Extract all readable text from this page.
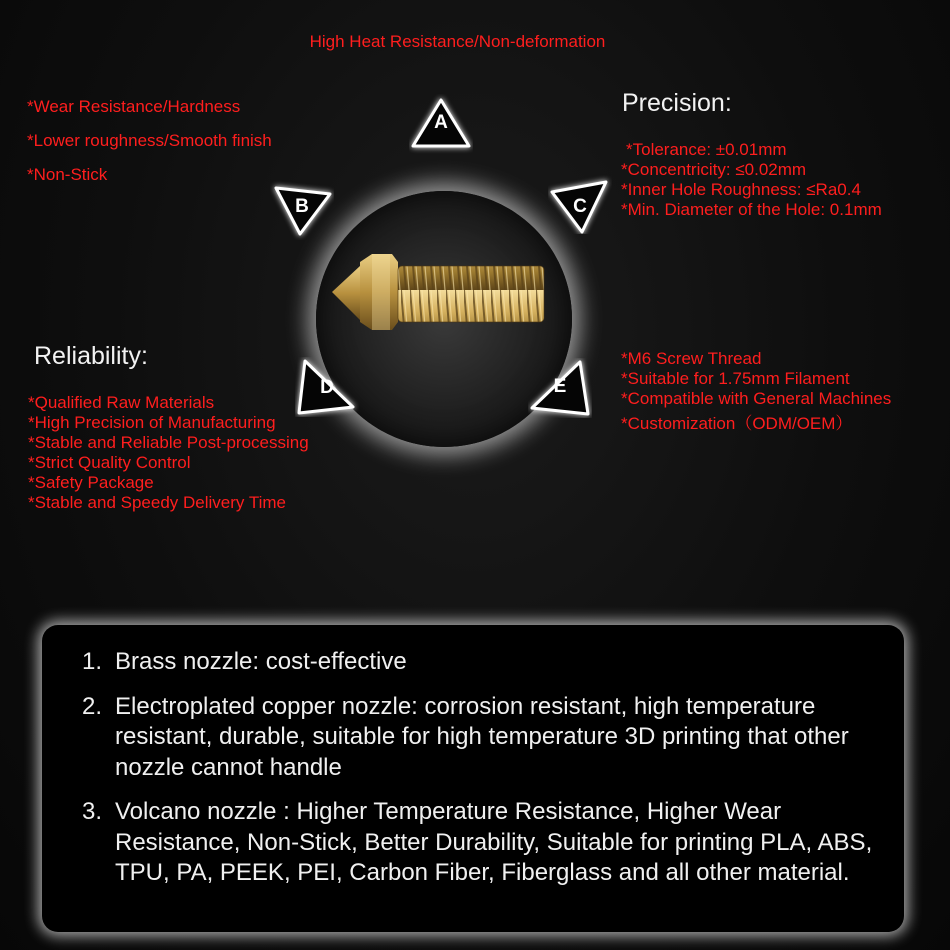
High Heat Resistance/Non-deformation
*Wear Resistance/Hardness
*Lower roughness/Smooth finish
*Non-Stick
Precision:
*Tolerance: ±0.01mm
*Concentricity: ≤0.02mm
*Inner Hole Roughness: ≤Ra0.4
*Min. Diameter of the Hole: 0.1mm
Reliability:
*Qualified Raw Materials
*High Precision of Manufacturing
*Stable and Reliable Post-processing
*Strict Quality Control
*Safety Package
*Stable and Speedy Delivery Time
*M6 Screw Thread
*Suitable for 1.75mm Filament
*Compatible with General Machines
*Customization（ODM/OEM）
A
B	C
D	E
1. Brass nozzle: cost-effective
2. Electroplated copper nozzle: corrosion resistant, high temperature resistant, durable, suitable for high temperature 3D printing that other nozzle cannot handle
3. Volcano nozzle : Higher Temperature Resistance, Higher Wear Resistance, Non-Stick, Better Durability, Suitable for printing PLA, ABS, TPU, PA, PEEK, PEI, Carbon Fiber, Fiberglass and all other material.
